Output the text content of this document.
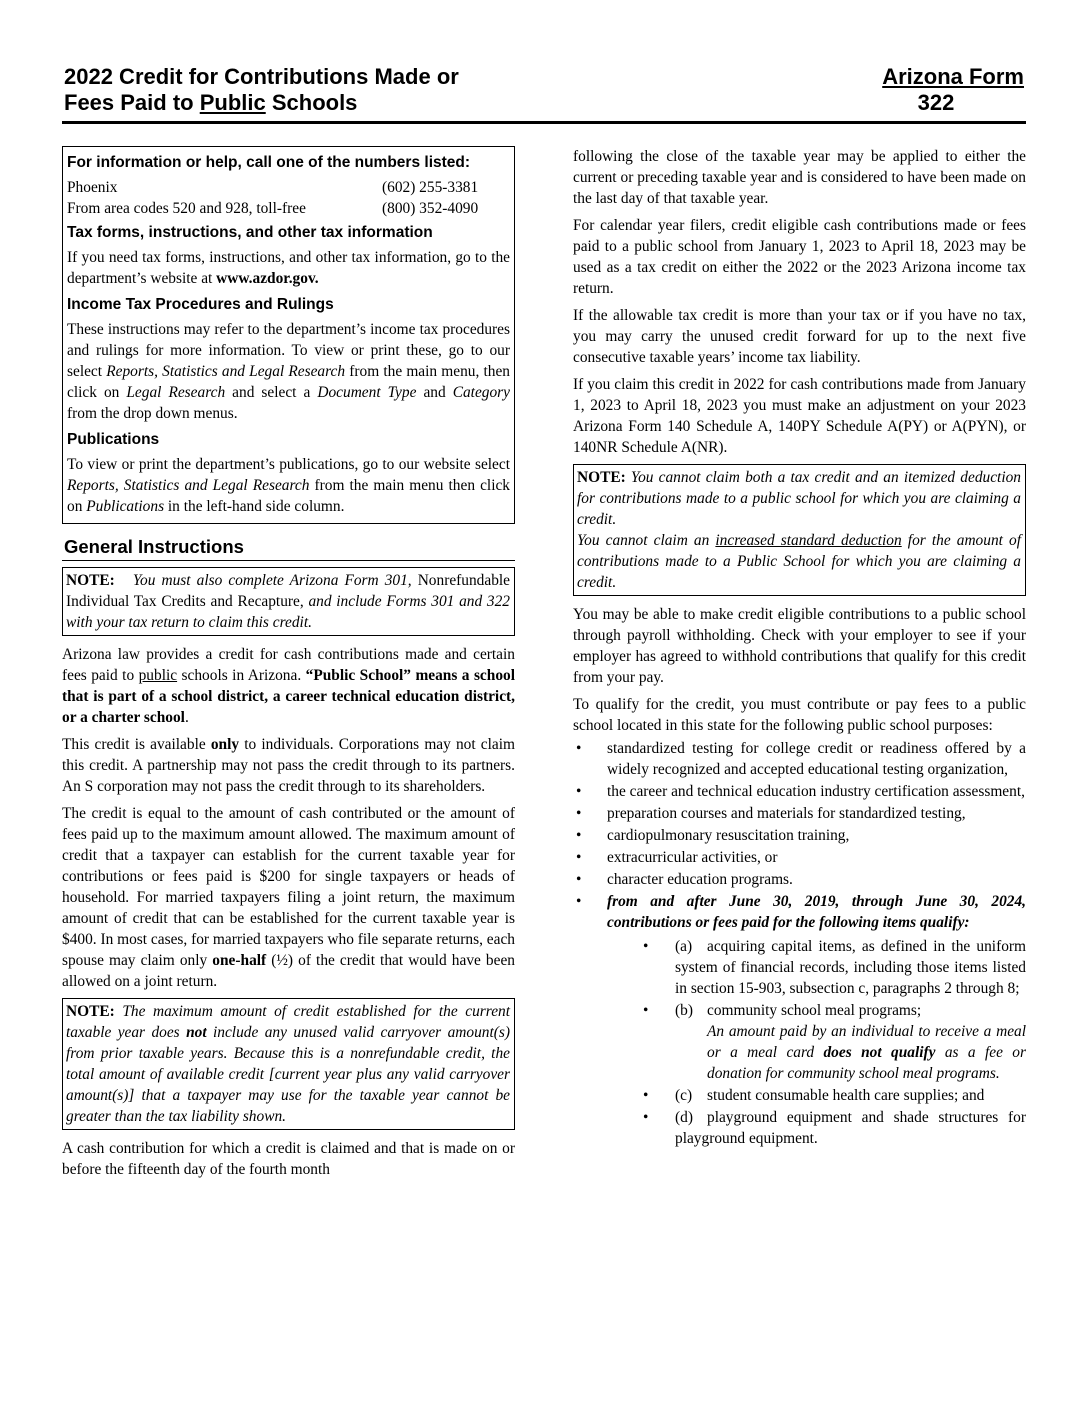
2022 Credit for Contributions Made or
Fees Paid to Public Schools
Arizona Form
322
For information or help, call one of the numbers listed:
Phoenix	(602) 255-3381
From area codes 520 and 928, toll-free	(800) 352-4090
Tax forms, instructions, and other tax information

If you need tax forms, instructions, and other tax information, go to the department’s website at www.azdor.gov.

Income Tax Procedures and Rulings

These instructions may refer to the department’s income tax procedures and rulings for more information. To view or print these, go to our select Reports, Statistics and Legal Research from the main menu, then click on Legal Research and select a Document Type and Category from the drop down menus.

Publications

To view or print the department’s publications, go to our website select Reports, Statistics and Legal Research from the main menu then click on Publications in the left-hand side column.

General Instructions
NOTE: You must also complete Arizona Form 301, Nonrefundable Individual Tax Credits and Recapture, and include Forms 301 and 322 with your tax return to claim this credit.

Arizona law provides a credit for cash contributions made and certain fees paid to public schools in Arizona. “Public School” means a school that is part of a school district, a career technical education district, or a charter school.

This credit is available only to individuals. Corporations may not claim this credit. A partnership may not pass the credit through to its partners. An S corporation may not pass the credit through to its shareholders.

The credit is equal to the amount of cash contributed or the amount of fees paid up to the maximum amount allowed. The maximum amount of credit that a taxpayer can establish for the current taxable year for contributions or fees paid is $200 for single taxpayers or heads of household. For married taxpayers filing a joint return, the maximum amount of credit that can be established for the current taxable year is $400. In most cases, for married taxpayers who file separate returns, each spouse may claim only one-half (½) of the credit that would have been allowed on a joint return.

NOTE: The maximum amount of credit established for the current taxable year does not include any unused valid carryover amount(s) from prior taxable years. Because this is a nonrefundable credit, the total amount of available credit [current year plus any valid carryover amount(s)] that a taxpayer may use for the taxable year cannot be greater than the tax liability shown.

A cash contribution for which a credit is claimed and that is made on or before the fifteenth day of the fourth month

following the close of the taxable year may be applied to either the current or preceding taxable year and is considered to have been made on the last day of that taxable year.

For calendar year filers, credit eligible cash contributions made or fees paid to a public school from January 1, 2023 to April 18, 2023 may be used as a tax credit on either the 2022 or the 2023 Arizona income tax return.

If the allowable tax credit is more than your tax or if you have no tax, you may carry the unused credit forward for up to the next five consecutive taxable years’ income tax liability.

If you claim this credit in 2022 for cash contributions made from January 1, 2023 to April 18, 2023 you must make an adjustment on your 2023 Arizona Form 140 Schedule A, 140PY Schedule A(PY) or A(PYN), or 140NR Schedule A(NR).

NOTE: You cannot claim both a tax credit and an itemized deduction for contributions made to a public school for which you are claiming a credit.
You cannot claim an increased standard deduction for the amount of contributions made to a Public School for which you are claiming a credit.

You may be able to make credit eligible contributions to a public school through payroll withholding. Check with your employer to see if your employer has agreed to withhold contributions that qualify for this credit from your pay.

To qualify for the credit, you must contribute or pay fees to a public school located in this state for the following public school purposes:

• standardized testing for college credit or readiness offered by a widely recognized and accepted educational testing organization,
• the career and technical education industry certification assessment,
• preparation courses and materials for standardized testing,
• cardiopulmonary resuscitation training,
• extracurricular activities, or
• character education programs.
• from and after June 30, 2019, through June 30, 2024, contributions or fees paid for the following items qualify:
• (a) acquiring capital items, as defined in the uniform system of financial records, including those items listed in section 15-903, subsection c, paragraphs 2 through 8;
• (b) community school meal programs;
An amount paid by an individual to receive a meal or a meal card does not qualify as a fee or donation for community school meal programs.
• (c) student consumable health care supplies; and
• (d) playground equipment and shade structures for playground equipment.
